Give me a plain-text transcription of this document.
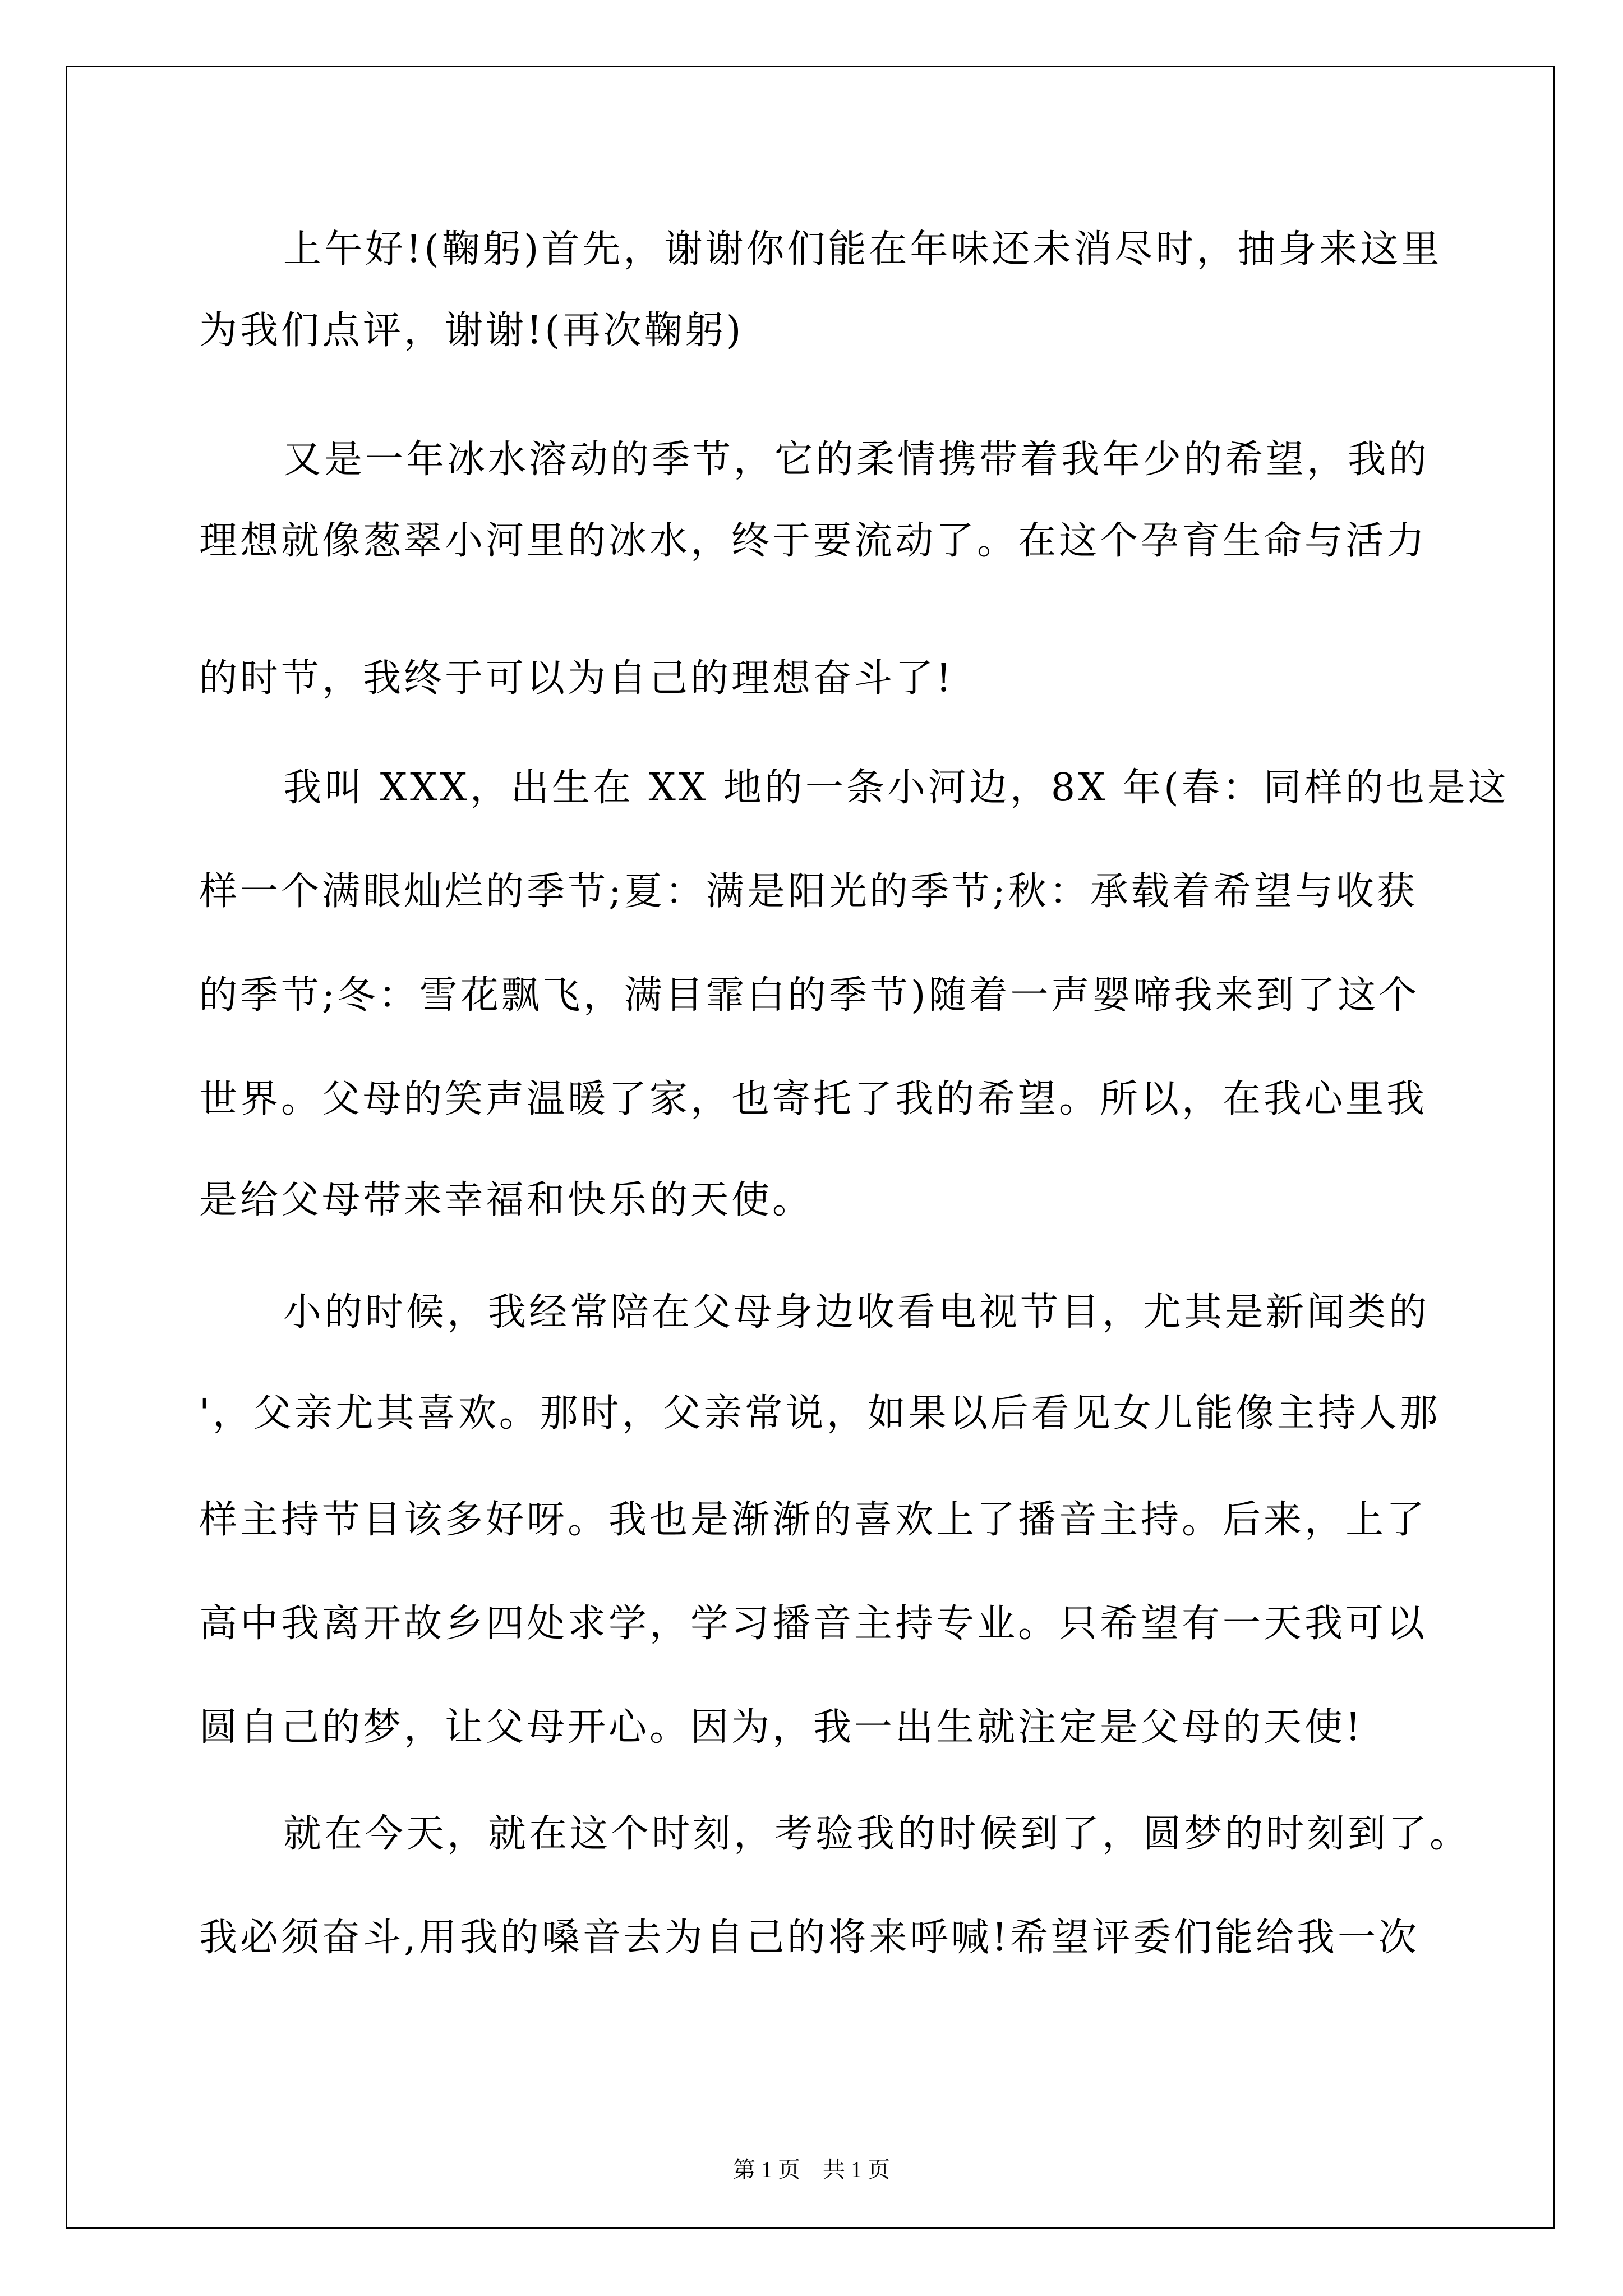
上午好!(鞠躬)首先，谢谢你们能在年味还未消尽时，抽身来这里
为我们点评，谢谢!(再次鞠躬)
又是一年冰水溶动的季节，它的柔情携带着我年少的希望，我的
理想就像葱翠小河里的冰水，终于要流动了。在这个孕育生命与活力
的时节，我终于可以为自己的理想奋斗了!
我叫 XXX，出生在 XX 地的一条小河边，8X 年(春：同样的也是这
样一个满眼灿烂的季节;夏：满是阳光的季节;秋：承载着希望与收获
的季节;冬：雪花飘飞，满目霏白的季节)随着一声婴啼我来到了这个
世界。父母的笑声温暖了家，也寄托了我的希望。所以，在我心里我
是给父母带来幸福和快乐的天使。
小的时候，我经常陪在父母身边收看电视节目，尤其是新闻类的
'，父亲尤其喜欢。那时，父亲常说，如果以后看见女儿能像主持人那
样主持节目该多好呀。我也是渐渐的喜欢上了播音主持。后来，上了
高中我离开故乡四处求学，学习播音主持专业。只希望有一天我可以
圆自己的梦，让父母开心。因为，我一出生就注定是父母的天使!
就在今天，就在这个时刻，考验我的时候到了，圆梦的时刻到了。
我必须奋斗,用我的嗓音去为自己的将来呼喊!希望评委们能给我一次
第 1 页　共 1 页
